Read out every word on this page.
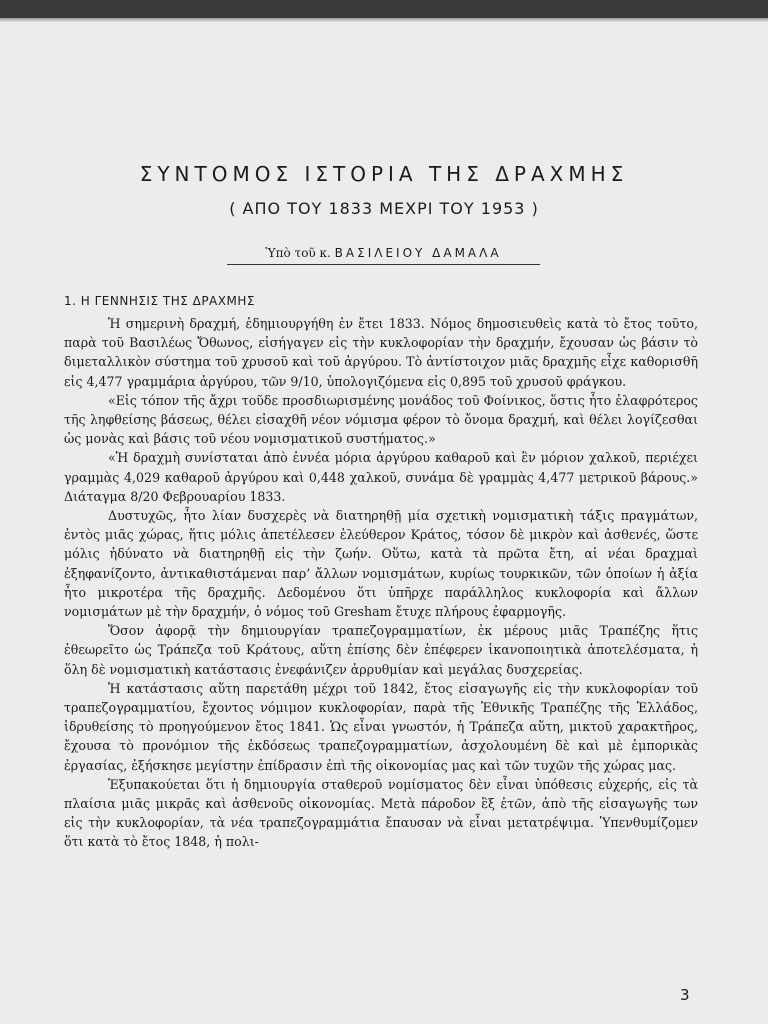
ΣΥΝΤΟΜΟΣ ΙΣΤΟΡΙΑ ΤΗΣ ΔΡΑΧΜΗΣ
( ΑΠΟ ΤΟΥ 1833 ΜΕΧΡΙ ΤΟΥ 1953 )
Ὑπὸ τοῦ κ. ΒΑΣΙΛΕΙΟΥ ΔΑΜΑΛΑ
1. Η ΓΕΝΝΗΣΙΣ ΤΗΣ ΔΡΑΧΜΗΣ

Ἡ σημερινὴ δραχμή, ἐδημιουργήθη ἐν ἔτει 1833. Νόμος δημοσιευθεὶς κατὰ τὸ ἔτος τοῦτο, παρὰ τοῦ Βασιλέως Ὄθωνος, εἰσήγαγεν εἰς τὴν κυκλοφορίαν τὴν δραχμήν, ἔχουσαν ὡς βάσιν τὸ διμεταλλικὸν σύστημα τοῦ χρυσοῦ καὶ τοῦ ἀργύρου. Τὸ ἀντίστοιχον μιᾶς δραχμῆς εἶχε καθορισθῆ εἰς 4,477 γραμμάρια ἀργύρου, τῶν 9/10, ὑπολογιζόμενα εἰς 0,895 τοῦ χρυσοῦ φράγκου.

«Εἰς τόπον τῆς ἄχρι τοῦδε προσδιωρισμένης μονάδος τοῦ Φοίνικος, ὅστις ἦτο ἐλαφρότερος τῆς ληφθείσης βάσεως, θέλει εἰσαχθῆ νέον νόμισμα φέρον τὸ ὄνομα δραχμή, καὶ θέλει λογίζεσθαι ὡς μονὰς καὶ βάσις τοῦ νέου νομισματικοῦ συστήματος.»

«Ἡ δραχμὴ συνίσταται ἀπὸ ἐννέα μόρια ἀργύρου καθαροῦ καὶ ἓν μόριον χαλκοῦ, περιέχει γραμμὰς 4,029 καθαροῦ ἀργύρου καὶ 0,448 χαλκοῦ, συνάμα δὲ γραμμὰς 4,477 μετρικοῦ βάρους.» Διάταγμα 8/20 Φεβρουαρίου 1833.

Δυστυχῶς, ἦτο λίαν δυσχερὲς νὰ διατηρηθῇ μία σχετικὴ νομισματικὴ τάξις πραγμάτων, ἐντὸς μιᾶς χώρας, ἥτις μόλις ἀπετέλεσεν ἐλεύθερον Κράτος, τόσον δὲ μικρὸν καὶ ἀσθενές, ὥστε μόλις ἠδύνατο νὰ διατηρηθῇ εἰς τὴν ζωήν. Οὕτω, κατὰ τὰ πρῶτα ἔτη, αἱ νέαι δραχμαὶ ἐξηφανίζοντο, ἀντικαθιστάμεναι παρ’ ἄλλων νομισμάτων, κυρίως τουρκικῶν, τῶν ὁποίων ἡ ἀξία ἦτο μικροτέρα τῆς δραχμῆς. Δεδομένου ὅτι ὑπῆρχε παράλληλος κυκλοφορία καὶ ἄλλων νομισμάτων μὲ τὴν δραχμήν, ὁ νόμος τοῦ Gresham ἔτυχε πλήρους ἐφαρμογῆς.

Ὅσον ἀφορᾷ τὴν δημιουργίαν τραπεζογραμματίων, ἐκ μέρους μιᾶς Τραπέζης ἥτις ἐθεωρεῖτο ὡς Τράπεζα τοῦ Κράτους, αὕτη ἐπίσης δὲν ἐπέφερεν ἱκανοποιητικὰ ἀποτελέσματα, ἡ ὅλη δὲ νομισματικὴ κατάστασις ἐνεφάνιζεν ἀρρυθμίαν καὶ μεγάλας δυσχερείας.

Ἡ κατάστασις αὕτη παρετάθη μέχρι τοῦ 1842, ἔτος εἰσαγωγῆς εἰς τὴν κυκλοφορίαν τοῦ τραπεζογραμματίου, ἔχοντος νόμιμον κυκλοφορίαν, παρὰ τῆς Ἐθνικῆς Τραπέζης τῆς Ἑλλάδος, ἱδρυθείσης τὸ προηγούμενον ἔτος 1841. Ὡς εἶναι γνωστόν, ἡ Τράπεζα αὕτη, μικτοῦ χαρακτῆρος, ἔχουσα τὸ προνόμιον τῆς ἐκδόσεως τραπεζογραμματίων, ἀσχολουμένη δὲ καὶ μὲ ἐμπορικὰς ἐργασίας, ἐξήσκησε μεγίστην ἐπίδρασιν ἐπὶ τῆς οἰκονομίας μας καὶ τῶν τυχῶν τῆς χώρας μας.

Ἐξυπακούεται ὅτι ἡ δημιουργία σταθεροῦ νομίσματος δὲν εἶναι ὑπόθεσις εὐχερής, εἰς τὰ πλαίσια μιᾶς μικρᾶς καὶ ἀσθενοῦς οἰκονομίας. Μετὰ πάροδον ἓξ ἐτῶν, ἀπὸ τῆς εἰσαγωγῆς των εἰς τὴν κυκλοφορίαν, τὰ νέα τραπεζογραμμάτια ἔπαυσαν νὰ εἶναι μετατρέψιμα. Ὑπενθυμίζομεν ὅτι κατὰ τὸ ἔτος 1848, ἡ πολι-

3
